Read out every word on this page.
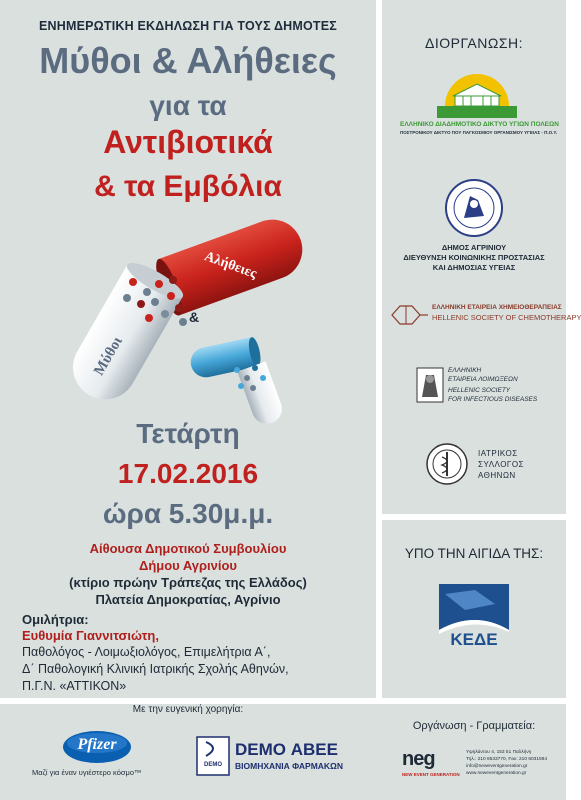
ΕΝΗΜΕΡΩΤΙΚΗ ΕΚΔΗΛΩΣΗ ΓΙΑ ΤΟΥΣ ΔΗΜΟΤΕΣ
Μύθοι & Αλήθειες
για τα
Αντιβιοτικά
& τα Εμβόλια
Αλήθειες
Μύθοι
&
Τετάρτη
17.02.2016
ώρα 5.30μ.μ.
Αίθουσα Δημοτικού Συμβουλίου
Δήμου Αγρινίου
(κτίριο πρώην Τράπεζας της Ελλάδος)
Πλατεία Δημοκρατίας, Αγρίνιο
Ομιλήτρια:
Ευθυμία Γιαννιτσιώτη,
Παθολόγος - Λοιμωξιολόγος, Επιμελήτρια Α΄,
Δ΄ Παθολογική Κλινική Ιατρικής Σχολής Αθηνών,
Π.Γ.Ν. «ΑΤΤΙΚΟΝ»
ΔΙΟΡΓΑΝΩΣΗ:
ΕΛΛΗΝΙΚΟ ΔΙΑΔΗΜΟΤΙΚΟ ΔΙΚΤΥΟ ΥΓΙΩΝ ΠΟΛΕΩΝ
ΠΟΣΤΡΟΝΙΚΟΥ ΔΙΚΤΥΟ ΠΟΥ ΠΑΓΚΟΣΜΙΟΥ ΟΡΓΑΝΙΣΜΟΥ ΥΓΕΙΑΣ - Π.Ο.Υ.
ΔΗΜΟΣ ΑΓΡΙΝΙΟΥ
ΔΙΕΥΘΥΝΣΗ ΚΟΙΝΩΝΙΚΗΣ ΠΡΟΣΤΑΣΙΑΣ
ΚΑΙ ΔΗΜΟΣΙΑΣ ΥΓΕΙΑΣ
ΕΛΛΗΝΙΚΗ ΕΤΑΙΡΕΙΑ ΧΗΜΕΙΟΘΕΡΑΠΕΙΑΣ
HELLENIC SOCIETY OF CHEMOTHERAPY
ΕΛΛΗΝΙΚΗ
ΕΤΑΙΡΕΙΑ ΛΟΙΜΩΞΕΩΝ
HELLENIC SOCIETY
FOR INFECTIOUS DISEASES
ΙΑΤΡΙΚΟΣ
ΣΥΛΛΟΓΟΣ
ΑΘΗΝΩΝ
ΥΠΟ ΤΗΝ ΑΙΓΙΔΑ ΤΗΣ:
ΚΕΔΕ
Με την ευγενική χορηγία:
Pfizer
Μαζί για έναν υγιέστερο κόσμο™
DEMO
DEMO ΑΒΕΕ
ΒΙΟΜΗΧΑΝΙΑ ΦΑΡΜΑΚΩΝ
Οργάνωση - Γραμματεία:
neg
NEW EVENT GENERATION
Υψηλάντου 4, 153 51 Παλλήνη
Τηλ.: 210 6533770, Fax: 210 6031594
info@neweventgeneration.gr
www.neweventgeneration.gr
